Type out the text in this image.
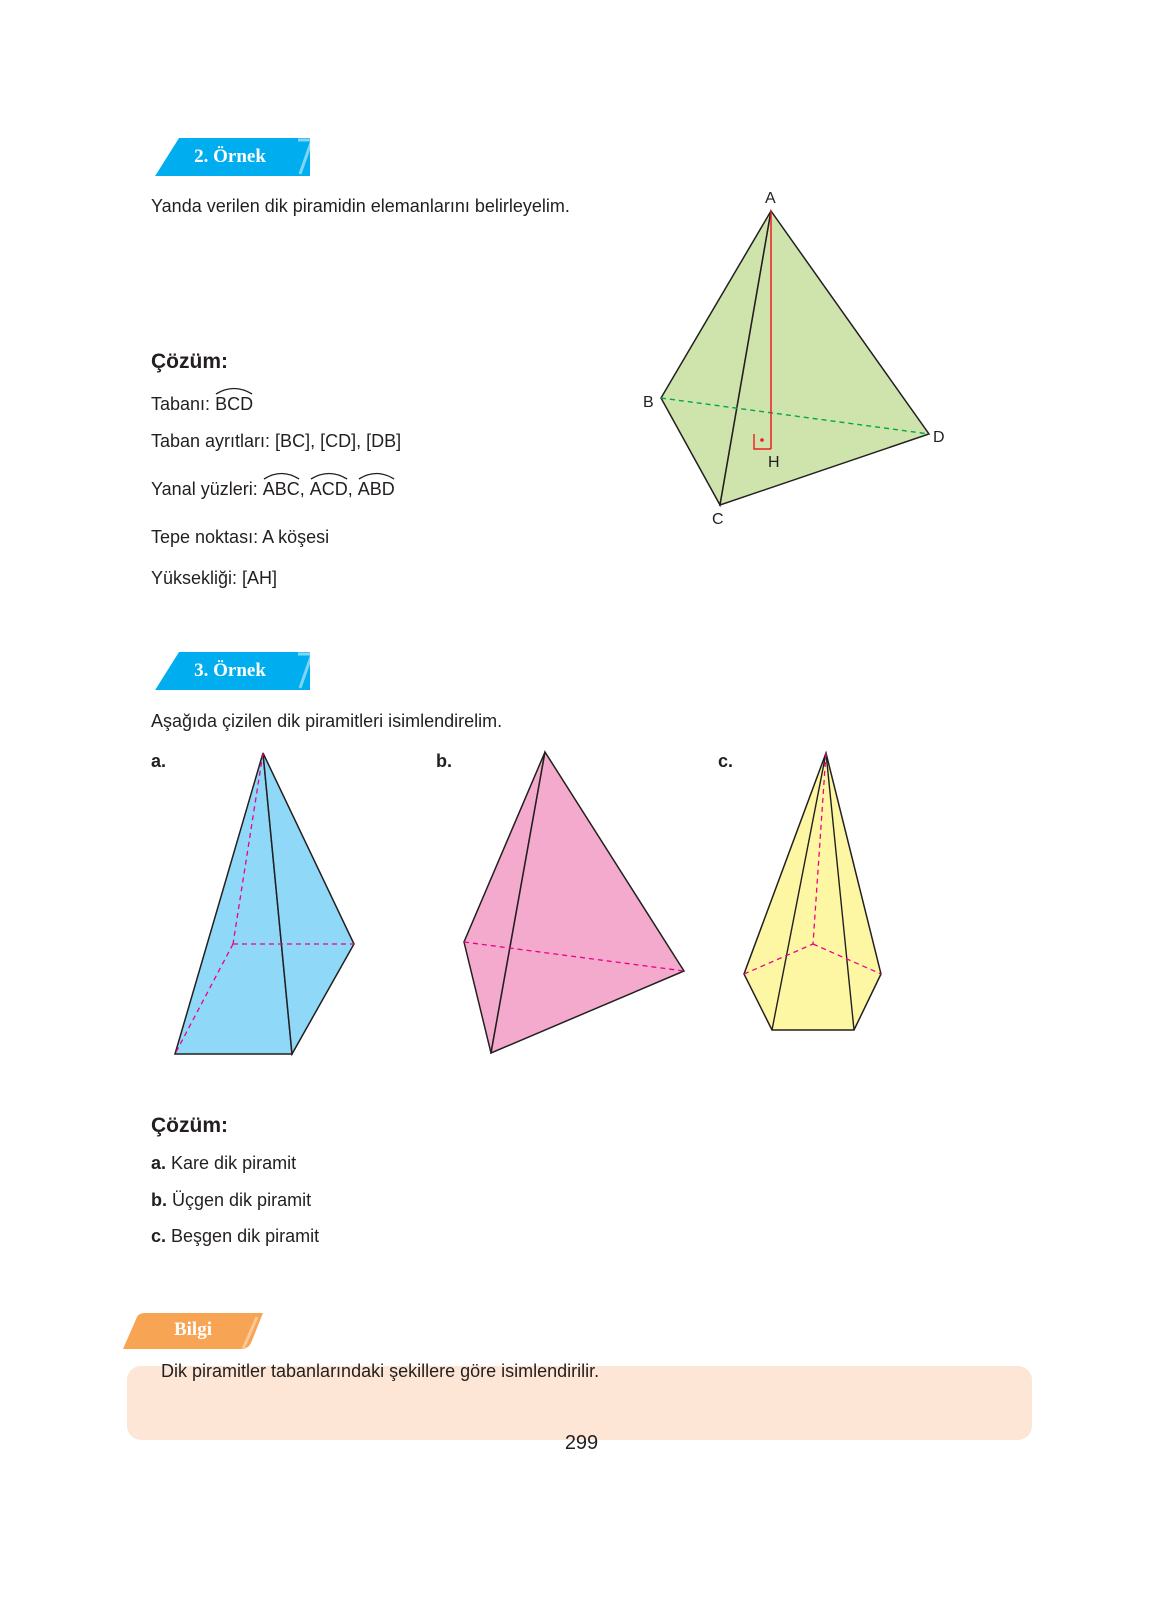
2. Örnek
Yanda verilen dik piramidin elemanlarını belirleyelim.
Çözüm:
Tabanı: BCD
Taban ayrıtları: [BC], [CD], [DB]
Yanal yüzleri: ABC,
ACD,
ABD
Tepe noktası: A köşesi
Yüksekliği: [AH]
A
B
C
D
H
3. Örnek
Aşağıda çizilen dik piramitleri isimlendirelim.
a.	b.	c.
Çözüm:
a. Kare dik piramit
b. Üçgen dik piramit
c. Beşgen dik piramit
Bilgi
Dik piramitler tabanlarındaki şekillere göre isimlendirilir.
299
